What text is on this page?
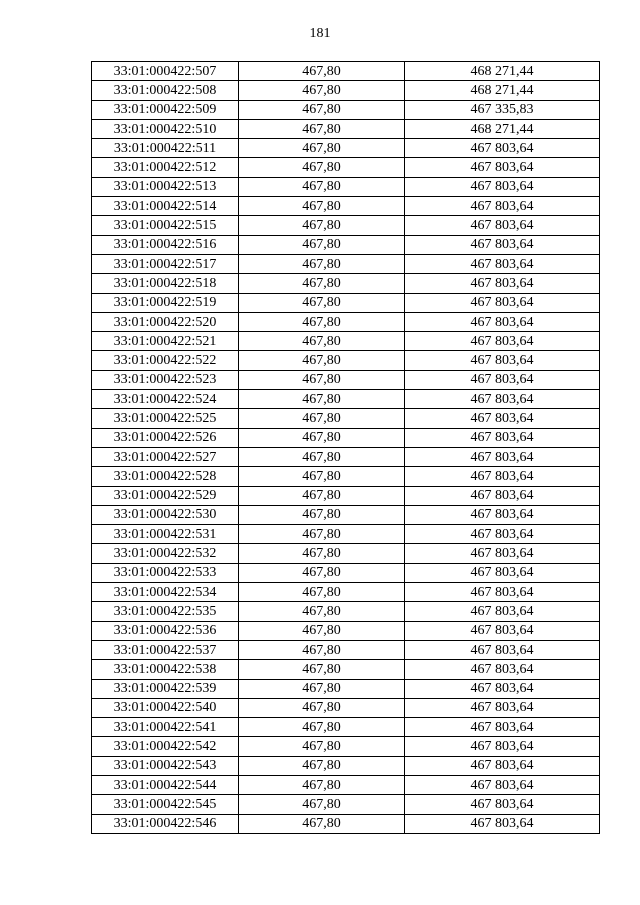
181
33:01:000422:507	467,80	468 271,44
33:01:000422:508	467,80	468 271,44
33:01:000422:509	467,80	467 335,83
33:01:000422:510	467,80	468 271,44
33:01:000422:511	467,80	467 803,64
33:01:000422:512	467,80	467 803,64
33:01:000422:513	467,80	467 803,64
33:01:000422:514	467,80	467 803,64
33:01:000422:515	467,80	467 803,64
33:01:000422:516	467,80	467 803,64
33:01:000422:517	467,80	467 803,64
33:01:000422:518	467,80	467 803,64
33:01:000422:519	467,80	467 803,64
33:01:000422:520	467,80	467 803,64
33:01:000422:521	467,80	467 803,64
33:01:000422:522	467,80	467 803,64
33:01:000422:523	467,80	467 803,64
33:01:000422:524	467,80	467 803,64
33:01:000422:525	467,80	467 803,64
33:01:000422:526	467,80	467 803,64
33:01:000422:527	467,80	467 803,64
33:01:000422:528	467,80	467 803,64
33:01:000422:529	467,80	467 803,64
33:01:000422:530	467,80	467 803,64
33:01:000422:531	467,80	467 803,64
33:01:000422:532	467,80	467 803,64
33:01:000422:533	467,80	467 803,64
33:01:000422:534	467,80	467 803,64
33:01:000422:535	467,80	467 803,64
33:01:000422:536	467,80	467 803,64
33:01:000422:537	467,80	467 803,64
33:01:000422:538	467,80	467 803,64
33:01:000422:539	467,80	467 803,64
33:01:000422:540	467,80	467 803,64
33:01:000422:541	467,80	467 803,64
33:01:000422:542	467,80	467 803,64
33:01:000422:543	467,80	467 803,64
33:01:000422:544	467,80	467 803,64
33:01:000422:545	467,80	467 803,64
33:01:000422:546	467,80	467 803,64
